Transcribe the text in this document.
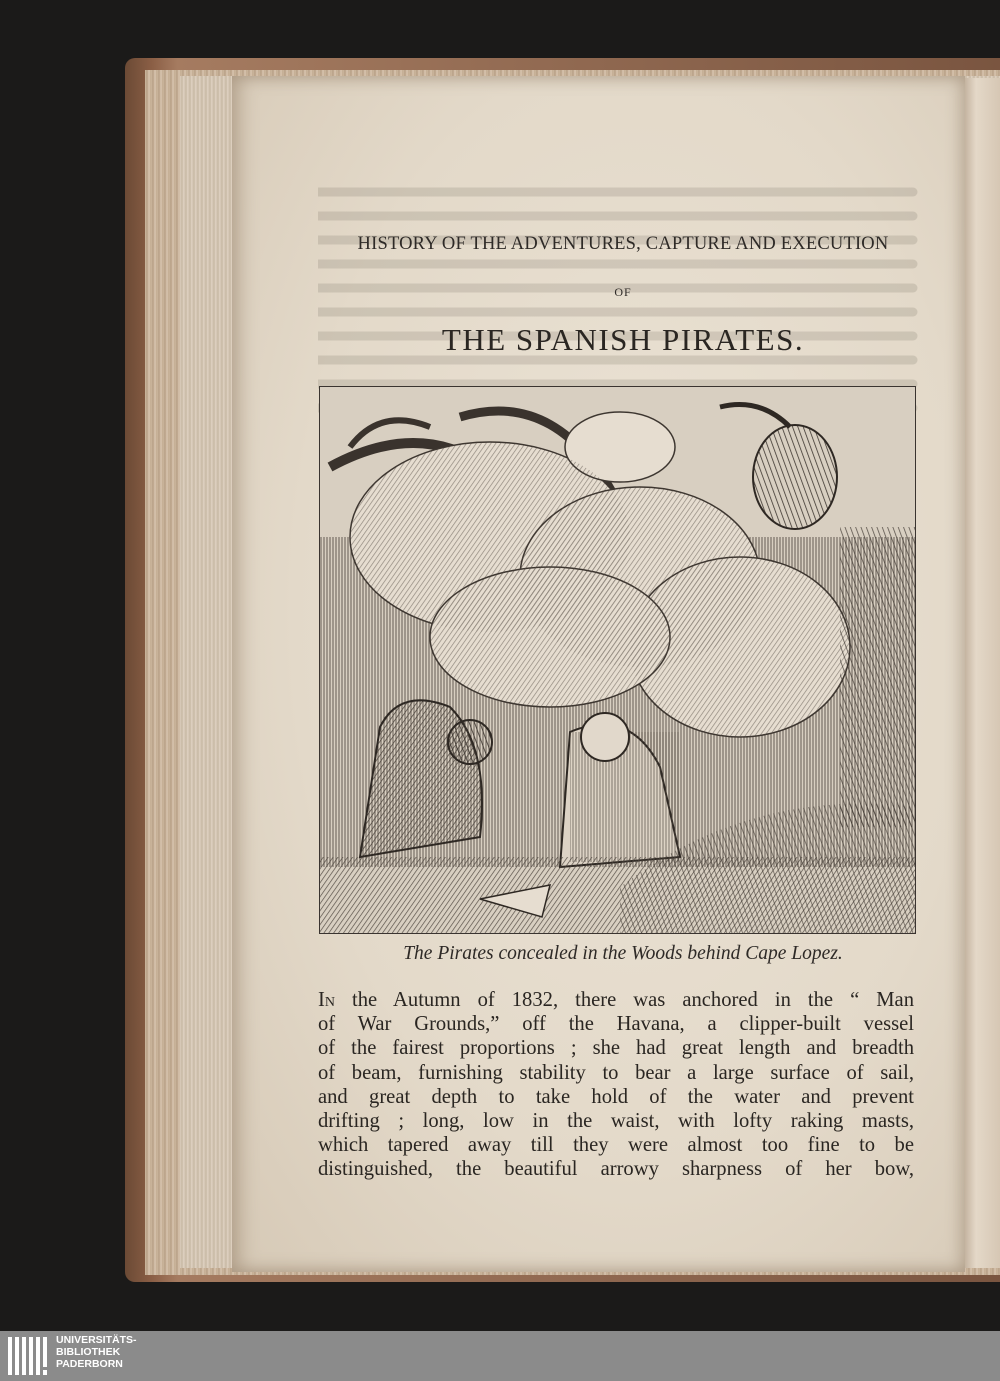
HISTORY OF THE ADVENTURES, CAPTURE AND EXECUTION
OF
THE SPANISH PIRATES.
The Pirates concealed in the Woods behind Cape Lopez.
In the Autumn of 1832, there was anchored in the “ Man
of War Grounds,” off the Havana, a clipper-built vessel
of the fairest proportions ; she had great length and breadth
of beam, furnishing stability to bear a large surface of sail,
and great depth to take hold of the water and prevent
drifting ; long, low in the waist, with lofty raking masts,
which tapered away till they were almost too fine to be
distinguished, the beautiful arrowy sharpness of her bow,
UNIVERSITÄTS-
BIBLIOTHEK
PADERBORN
